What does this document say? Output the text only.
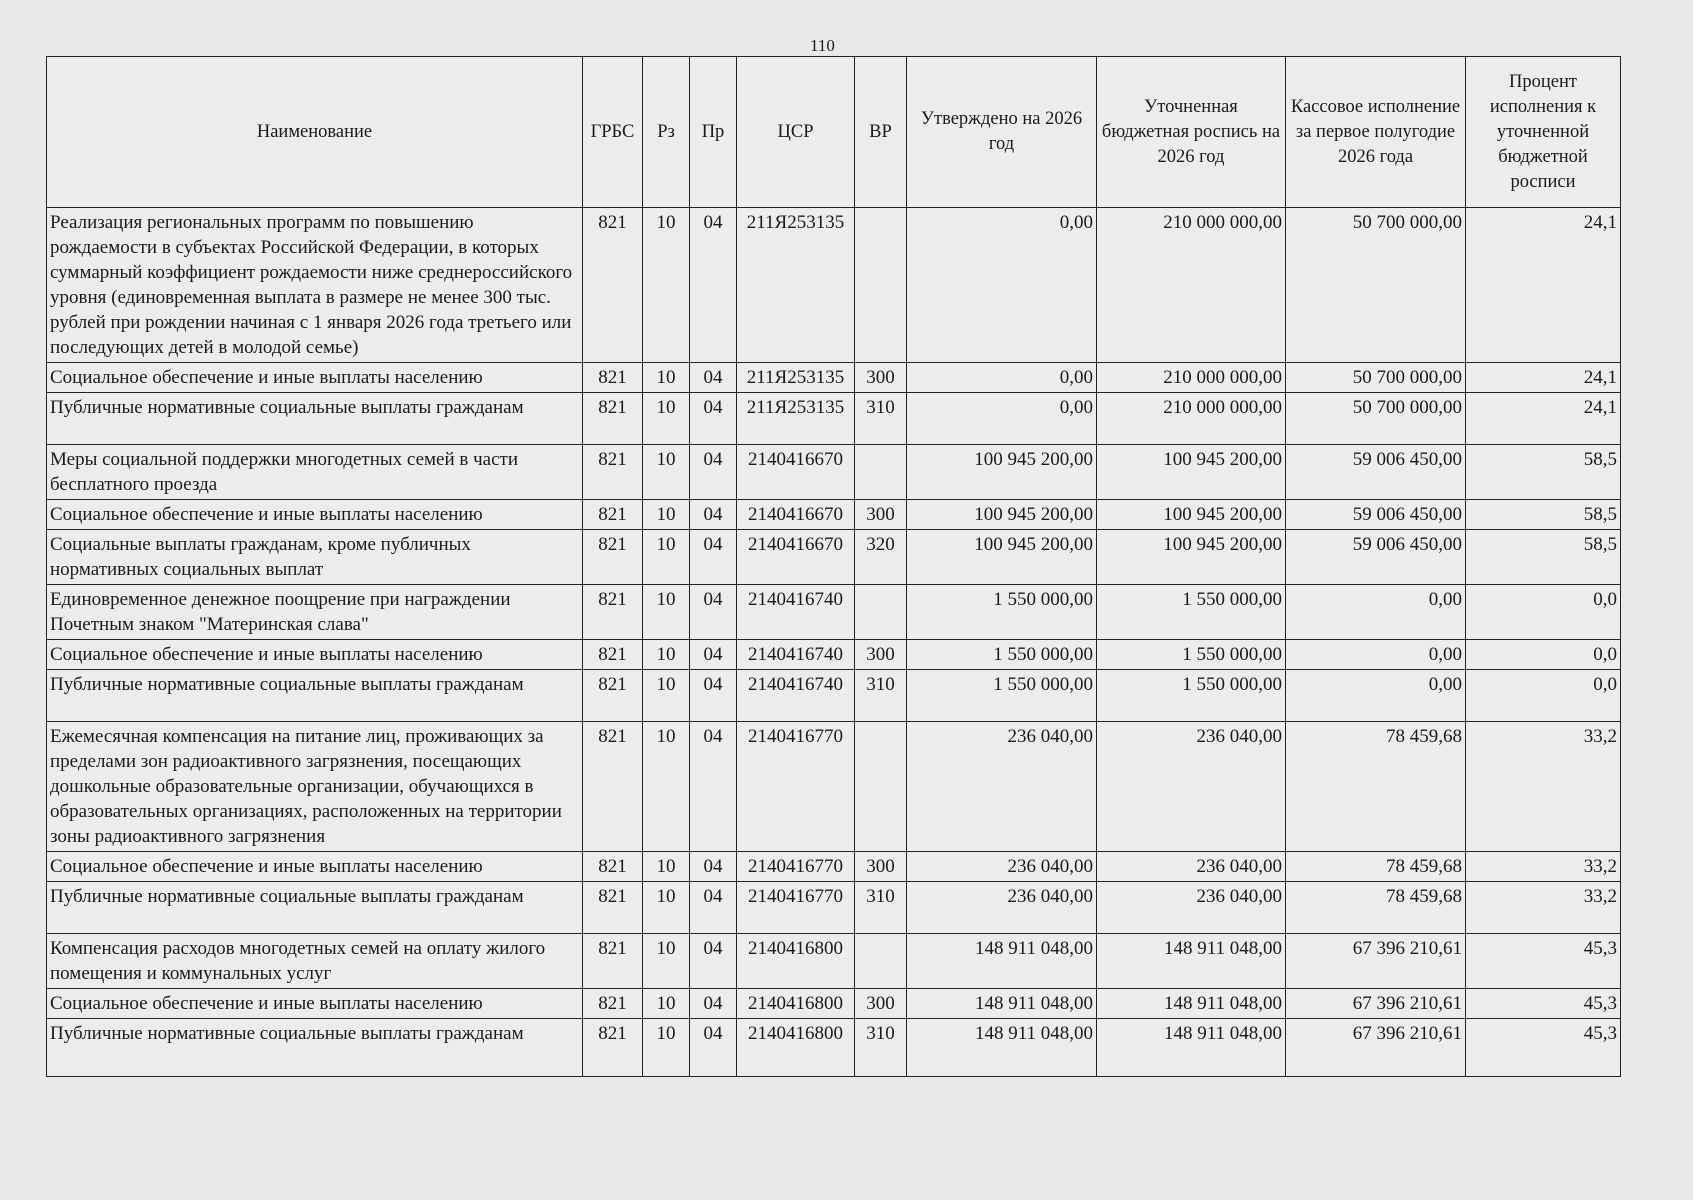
110
Наименование	ГРБС	Рз	Пр	ЦСР	ВР	Утверждено на 2026 год	Уточненная бюджетная роспись на 2026 год	Кассовое исполнение за первое полугодие 2026 года	Процент исполнения к уточненной бюджетной росписи
Реализация региональных программ по повышению рождаемости в субъектах Российской Федерации, в которых суммарный коэффициент рождаемости ниже среднероссийского уровня (единовременная выплата в размере не менее 300 тыс. рублей при рождении начиная с 1 января 2026 года третьего или последующих детей в молодой семье)	821	10	04	211Я253135		0,00	210 000 000,00	50 700 000,00	24,1
Социальное обеспечение и иные выплаты населению	821	10	04	211Я253135	300	0,00	210 000 000,00	50 700 000,00	24,1
Публичные нормативные социальные выплаты гражданам	821	10	04	211Я253135	310	0,00	210 000 000,00	50 700 000,00	24,1
Меры социальной поддержки многодетных семей в части бесплатного проезда	821	10	04	2140416670		100 945 200,00	100 945 200,00	59 006 450,00	58,5
Социальное обеспечение и иные выплаты населению	821	10	04	2140416670	300	100 945 200,00	100 945 200,00	59 006 450,00	58,5
Социальные выплаты гражданам, кроме публичных нормативных социальных выплат	821	10	04	2140416670	320	100 945 200,00	100 945 200,00	59 006 450,00	58,5
Единовременное денежное поощрение при награждении Почетным знаком "Материнская слава"	821	10	04	2140416740		1 550 000,00	1 550 000,00	0,00	0,0
Социальное обеспечение и иные выплаты населению	821	10	04	2140416740	300	1 550 000,00	1 550 000,00	0,00	0,0
Публичные нормативные социальные выплаты гражданам	821	10	04	2140416740	310	1 550 000,00	1 550 000,00	0,00	0,0
Ежемесячная компенсация на питание лиц, проживающих за пределами зон радиоактивного загрязнения, посещающих дошкольные образовательные организации, обучающихся в образовательных организациях, расположенных на территории зоны радиоактивного загрязнения	821	10	04	2140416770		236 040,00	236 040,00	78 459,68	33,2
Социальное обеспечение и иные выплаты населению	821	10	04	2140416770	300	236 040,00	236 040,00	78 459,68	33,2
Публичные нормативные социальные выплаты гражданам	821	10	04	2140416770	310	236 040,00	236 040,00	78 459,68	33,2
Компенсация расходов многодетных семей на оплату жилого помещения и коммунальных услуг	821	10	04	2140416800		148 911 048,00	148 911 048,00	67 396 210,61	45,3
Социальное обеспечение и иные выплаты населению	821	10	04	2140416800	300	148 911 048,00	148 911 048,00	67 396 210,61	45,3
Публичные нормативные социальные выплаты гражданам	821	10	04	2140416800	310	148 911 048,00	148 911 048,00	67 396 210,61	45,3
